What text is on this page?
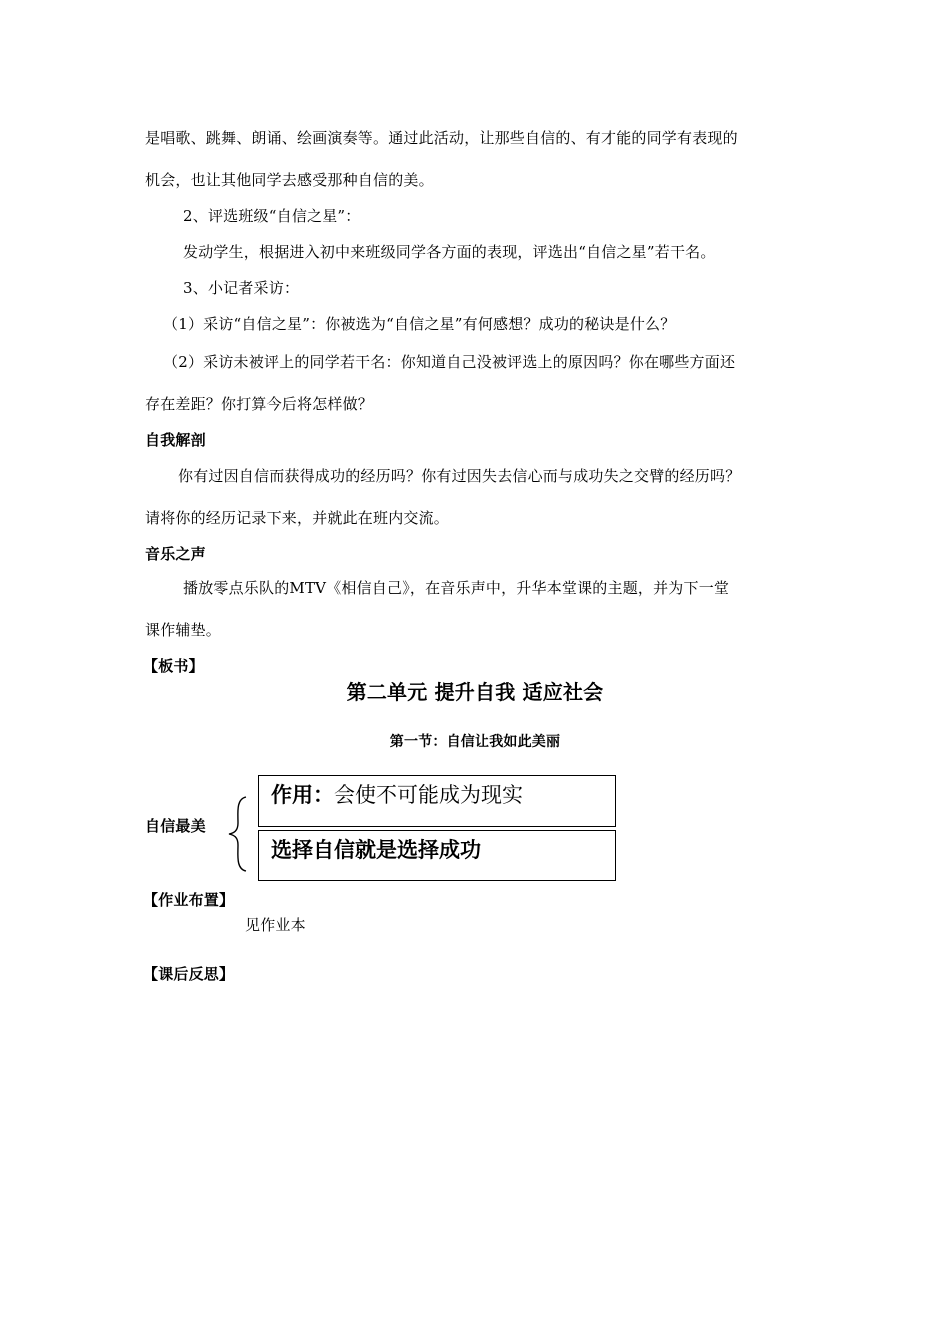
是唱歌、跳舞、朗诵、绘画演奏等。通过此活动，让那些自信的、有才能的同学有表现的
机会，也让其他同学去感受那种自信的美。
2、评选班级“自信之星”：
发动学生，根据进入初中来班级同学各方面的表现，评选出“自信之星”若干名。
3、小记者采访：
（1）采访“自信之星”：你被选为“自信之星”有何感想？成功的秘诀是什么？
（2）采访未被评上的同学若干名：你知道自己没被评选上的原因吗？你在哪些方面还
存在差距？你打算今后将怎样做？
自我解剖
你有过因自信而获得成功的经历吗？你有过因失去信心而与成功失之交臂的经历吗？
请将你的经历记录下来，并就此在班内交流。
音乐之声
播放零点乐队的MTV《相信自己》，在音乐声中，升华本堂课的主题，并为下一堂
课作辅垫。
【板书】
第二单元 提升自我 适应社会
第一节：自信让我如此美丽
自信最美
作用：会使不可能成为现实
选择自信就是选择成功
【作业布置】
见作业本
【课后反思】
